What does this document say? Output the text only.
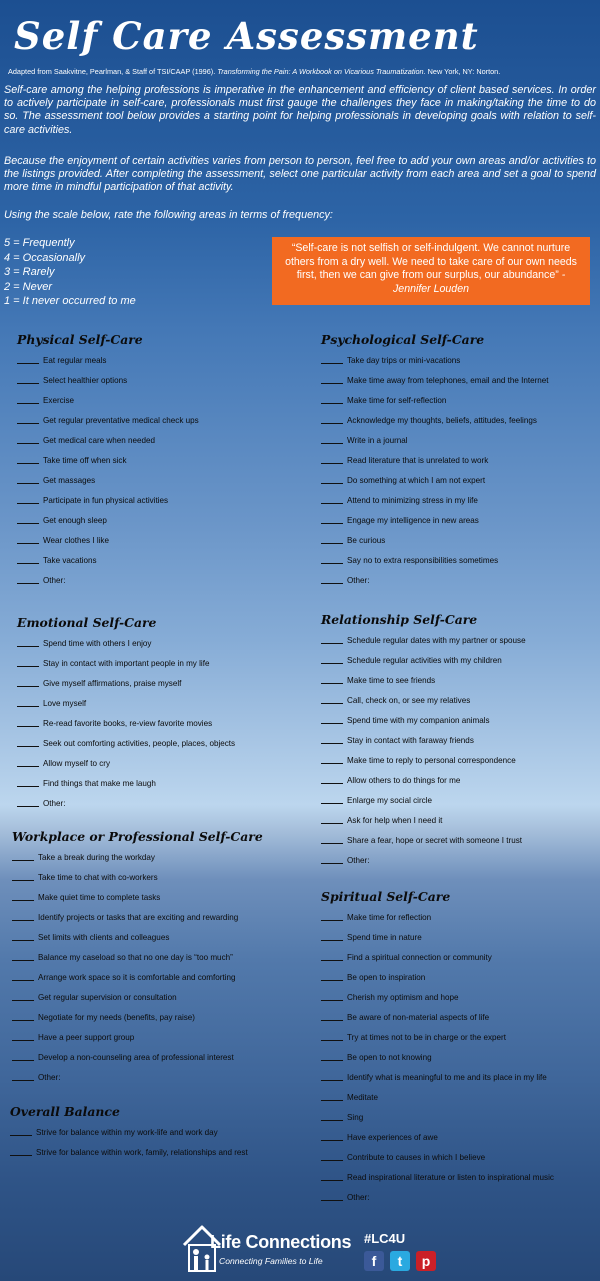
Self Care Assessment
Adapted from Saakvitne, Pearlman, & Staff of TSI/CAAP (1996). Transforming the Pain: A Workbook on Vicarious Traumatization. New York, NY: Norton.

Self-care among the helping professions is imperative in the enhancement and efficiency of client based services. In order to actively participate in self-care, professionals must first gauge the challenges they face in making/taking the time to do so. The assessment tool below provides a starting point for helping professionals in developing goals with relation to self-care activities.

Because the enjoyment of certain activities varies from person to person, feel free to add your own areas and/or activities to the listings provided. After completing the assessment, select one particular activity from each area and set a goal to spend more time in mindful participation of that activity.

Using the scale below, rate the following areas in terms of frequency:

5 = Frequently
4 = Occasionally
3 = Rarely
2 = Never
1 = It never occurred to me
“Self-care is not selfish or self-indulgent. We cannot nurture others from a dry well. We need to take care of our own needs first, then we can give from our surplus, our abundance” - Jennifer Louden
Physical Self-Care
Eat regular meals
Select healthier options
Exercise
Get regular preventative medical check ups
Get medical care when needed
Take time off when sick
Get massages
Participate in fun physical activities
Get enough sleep
Wear clothes I like
Take vacations
Other:
Emotional Self-Care
Spend time with others I enjoy
Stay in contact with important people in my life
Give myself affirmations, praise myself
Love myself
Re-read favorite books, re-view favorite movies
Seek out comforting activities, people, places, objects
Allow myself to cry
Find things that make me laugh
Other:
Workplace or Professional Self-Care
Take a break during the workday
Take time to chat with co-workers
Make quiet time to complete tasks
Identify projects or tasks that are exciting and rewarding
Set limits with clients and colleagues
Balance my caseload so that no one day is “too much”
Arrange work space so it is comfortable and comforting
Get regular supervision or consultation
Negotiate for my needs (benefits, pay raise)
Have a peer support group
Develop a non-counseling area of professional interest
Other:
Overall Balance
Strive for balance within my work-life and work day
Strive for balance within work, family, relationships and rest
Psychological Self-Care
Take day trips or mini-vacations
Make time away from telephones, email and the Internet
Make time for self-reflection
Acknowledge my thoughts, beliefs, attitudes, feelings
Write in a journal
Read literature that is unrelated to work
Do something at which I am not expert
Attend to minimizing stress in my life
Engage my intelligence in new areas
Be curious
Say no to extra responsibilities sometimes
Other:
Relationship Self-Care
Schedule regular dates with my partner or spouse
Schedule regular activities with my children
Make time to see friends
Call, check on, or see my relatives
Spend time with my companion animals
Stay in contact with faraway friends
Make time to reply to personal correspondence
Allow others to do things for me
Enlarge my social circle
Ask for help when I need it
Share a fear, hope or secret with someone I trust
Other:
Spiritual Self-Care
Make time for reflection
Spend time in nature
Find a spiritual connection or community
Be open to inspiration
Cherish my optimism and hope
Be aware of non-material aspects of life
Try at times not to be in charge or the expert
Be open to not knowing
Identify what is meaningful to me and its place in my life
Meditate
Sing
Have experiences of awe
Contribute to causes in which I believe
Read inspirational literature or listen to inspirational music
Other:
Life Connections
Connecting Families to Life
#LC4U
f	t	p
